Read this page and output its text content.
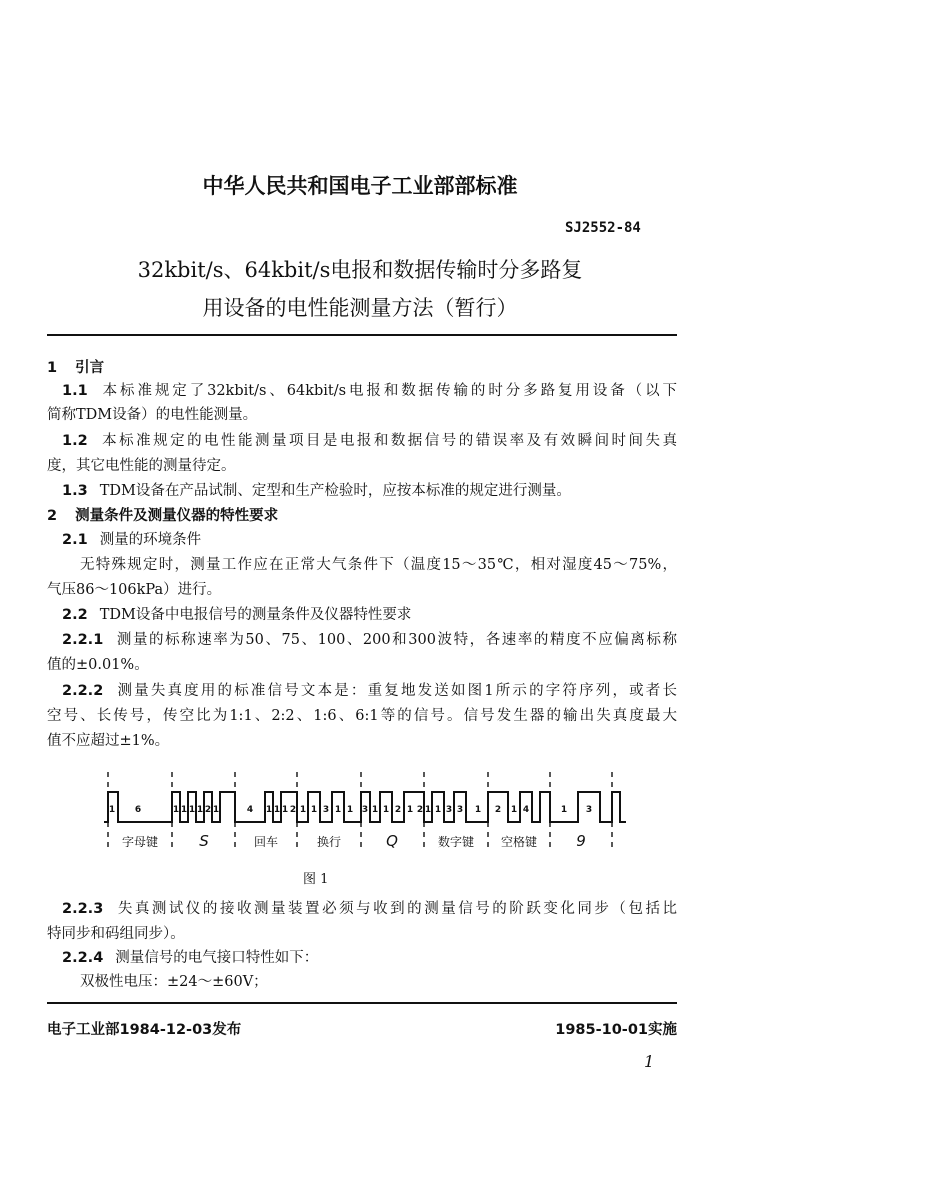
中华人民共和国电子工业部部标准
SJ2552-84
32kbit/s、64kbit/s电报和数据传输时分多路复
用设备的电性能测量方法（暂行）
1 引言
1.1 本标准规定了32kbit/s、64kbit/s电报和数据传输的时分多路复用设备（以下
简称TDM设备）的电性能测量。
1.2 本标准规定的电性能测量项目是电报和数据信号的错误率及有效瞬间时间失真
度，其它电性能的测量待定。
1.3 TDM设备在产品试制、定型和生产检验时，应按本标准的规定进行测量。
2 测量条件及测量仪器的特性要求
2.1 测量的环境条件
无特殊规定时，测量工作应在正常大气条件下（温度15～35℃，相对湿度45～75%，
气压86～106kPa）进行。
2.2 TDM设备中电报信号的测量条件及仪器特性要求
2.2.1 测量的标称速率为50、75、100、200和300波特，各速率的精度不应偏离标称
值的±0.01%。
2.2.2 测量失真度用的标准信号文本是：重复地发送如图1所示的字符序列，或者长
空号、长传号，传空比为1:1、2:2、1:6、6:1等的信号。信号发生器的输出失真度最大
值不应超过±1%。
1 6	1 1 1 1 2 1	4 1 1 1 2 1 1 3 1 1 3 1 1 2 1 2 1 1 3 3 1 2 1 4	1 3
字母键	S	回车	换行	Q	数字键 空格键	9
图 1
2.2.3 失真测试仪的接收测量装置必须与收到的测量信号的阶跃变化同步（包括比
特同步和码组同步）。
2.2.4 测量信号的电气接口特性如下：
双极性电压：±24～±60V；
电子工业部1984-12-03发布	1985-10-01实施
1
